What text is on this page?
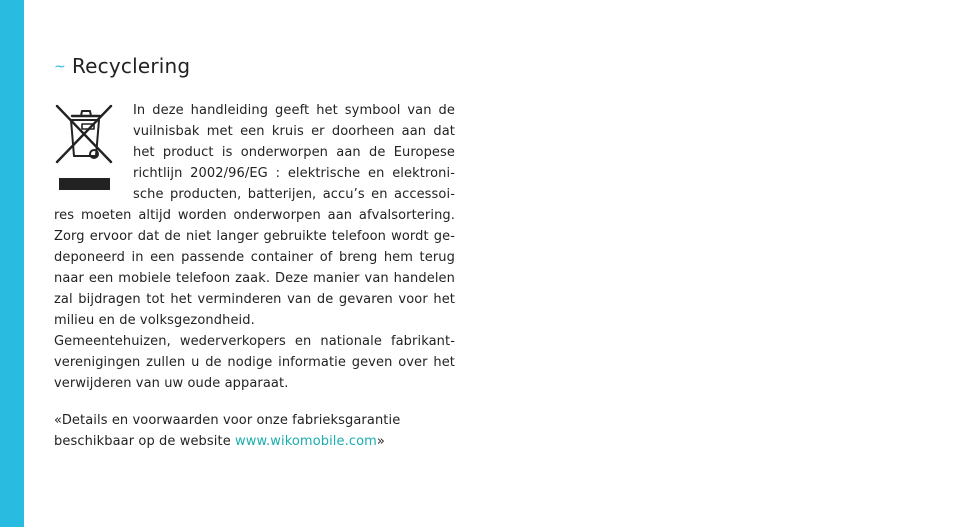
~ Recyclering

In deze handleiding geeft het symbool van de vuilnisbak met een kruis er doorheen aan dat het product is onderworpen aan de Europese richtlijn 2002/96/EG : elektrische en elektroni-sche producten, batterijen, accu’s en accessoi-res moeten altijd worden onderworpen aan afvalsortering. Zorg ervoor dat de niet langer gebruikte telefoon wordt ge-deponeerd in een passende container of breng hem terug naar een mobiele telefoon zaak. Deze manier van handelen zal bijdragen tot het verminderen van de gevaren voor het milieu en de volksgezondheid.

Gemeentehuizen, wederverkopers en nationale fabrikant-verenigingen zullen u de nodige informatie geven over het verwijderen van uw oude apparaat.

«Details en voorwaarden voor onze fabrieksgarantie beschikbaar op de website www.wikomobile.com»
